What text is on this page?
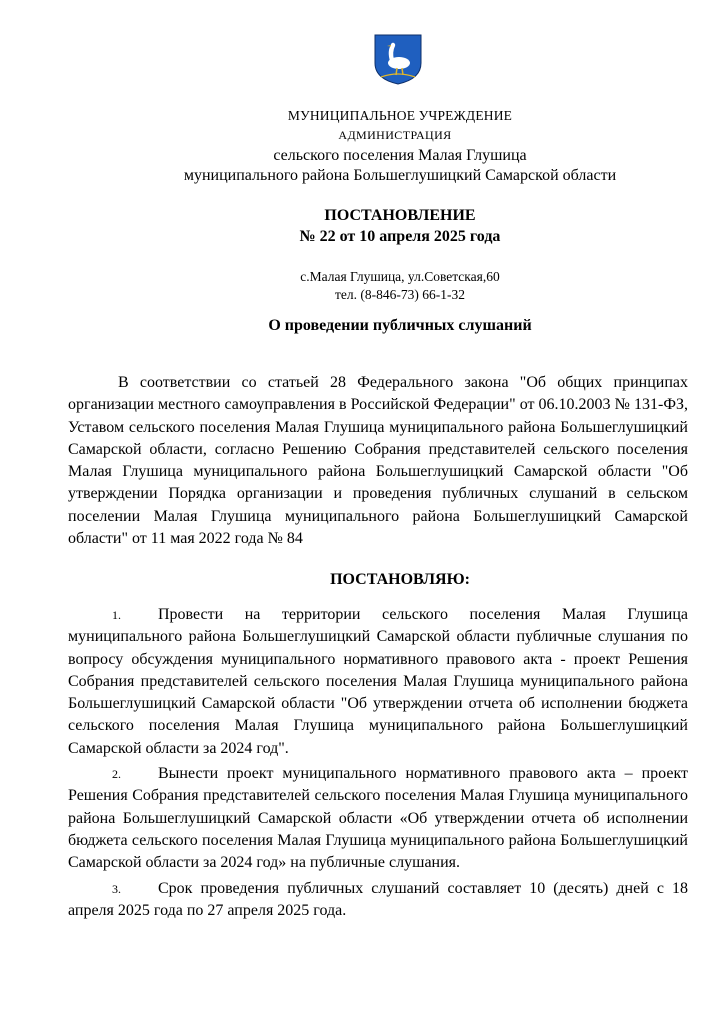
МУНИЦИПАЛЬНОЕ УЧРЕЖДЕНИЕ
АДМИНИСТРАЦИЯ
сельского поселения Малая Глушица
муниципального района Большеглушицкий Самарской области
ПОСТАНОВЛЕНИЕ
№ 22 от 10 апреля 2025 года
с.Малая Глушица, ул.Советская,60
тел. (8-846-73) 66-1-32
О проведении публичных слушаний

В соответствии со статьей 28 Федерального закона "Об общих принципах организации местного самоуправления в Российской Федерации" от 06.10.2003 № 131-ФЗ, Уставом сельского поселения Малая Глушица муниципального района Большеглушицкий Самарской области, согласно Решению Собрания представителей сельского поселения Малая Глушица муниципального района Большеглушицкий Самарской области "Об утверждении Порядка организации и проведения публичных слушаний в сельском поселении Малая Глушица муниципального района Большеглушицкий Самарской области" от 11 мая 2022 года № 84

ПОСТАНОВЛЯЮ:

1. Провести на территории сельского поселения Малая Глушица муниципального района Большеглушицкий Самарской области публичные слушания по вопросу обсуждения муниципального нормативного правового акта - проект Решения Собрания представителей сельского поселения Малая Глушица муниципального района Большеглушицкий Самарской области "Об утверждении отчета об исполнении бюджета сельского поселения Малая Глушица муниципального района Большеглушицкий Самарской области за 2024 год".

2. Вынести проект муниципального нормативного правового акта – проект Решения Собрания представителей сельского поселения Малая Глушица муниципального района Большеглушицкий Самарской области «Об утверждении отчета об исполнении бюджета сельского поселения Малая Глушица муниципального района Большеглушицкий Самарской области за 2024 год» на публичные слушания.

3. Срок проведения публичных слушаний составляет 10 (десять) дней с 18 апреля 2025 года по 27 апреля 2025 года.
